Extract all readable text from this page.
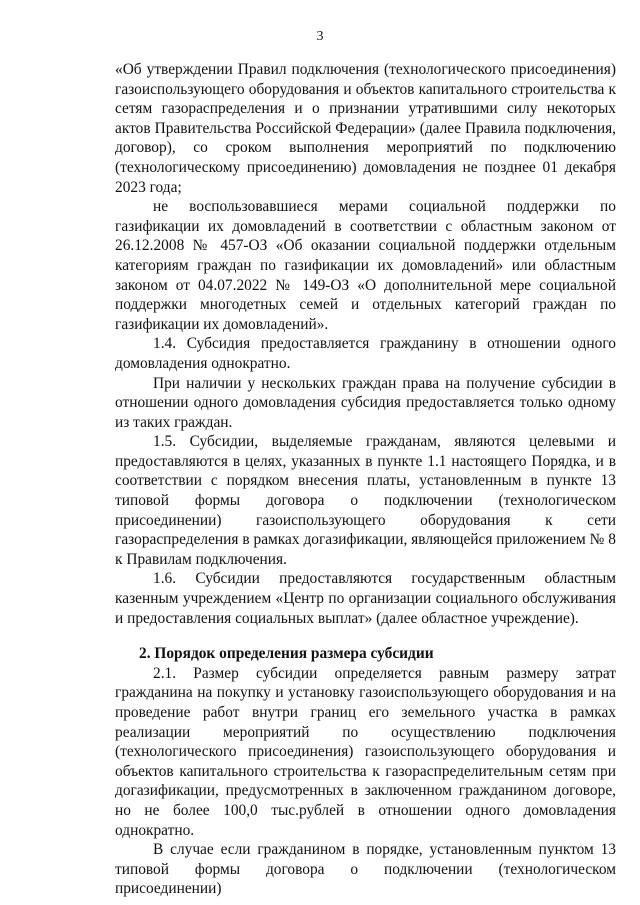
3

«Об утверждении Правил подключения (технологического присоединения) газоиспользующего оборудования и объектов капитального строительства к сетям газораспределения и о признании утратившими силу некоторых актов Правительства Российской Федерации» (далее Правила подключения, договор), со сроком выполнения мероприятий по подключению (технологическому присоединению) домовладения не позднее 01 декабря 2023 года;

не воспользовавшиеся мерами социальной поддержки по газификации их домовладений в соответствии с областным законом от 26.12.2008 № 457-ОЗ «Об оказании социальной поддержки отдельным категориям граждан по газификации их домовладений» или областным законом от 04.07.2022 № 149-ОЗ «О дополнительной мере социальной поддержки многодетных семей и отдельных категорий граждан по газификации их домовладений».

1.4. Субсидия предоставляется гражданину в отношении одного домовладения однократно.

При наличии у нескольких граждан права на получение субсидии в отношении одного домовладения субсидия предоставляется только одному из таких граждан.

1.5. Субсидии, выделяемые гражданам, являются целевыми и предоставляются в целях, указанных в пункте 1.1 настоящего Порядка, и в соответствии с порядком внесения платы, установленным в пункте 13 типовой формы договора о подключении (технологическом присоединении) газоиспользующего оборудования к сети газораспределения в рамках догазификации, являющейся приложением № 8 к Правилам подключения.

1.6. Субсидии предоставляются государственным областным казенным учреждением «Центр по организации социального обслуживания и предоставления социальных выплат» (далее областное учреждение).

2. Порядок определения размера субсидии

2.1. Размер субсидии определяется равным размеру затрат гражданина на покупку и установку газоиспользующего оборудования и на проведение работ внутри границ его земельного участка в рамках реализации мероприятий по осуществлению подключения (технологического присоединения) газоиспользующего оборудования и объектов капитального строительства к газораспределительным сетям при догазификации, предусмотренных в заключенном гражданином договоре, но не более 100,0 тыс.рублей в отношении одного домовладения однократно.

В случае если гражданином в порядке, установленным пунктом 13 типовой формы договора о подключении (технологическом присоединении)
